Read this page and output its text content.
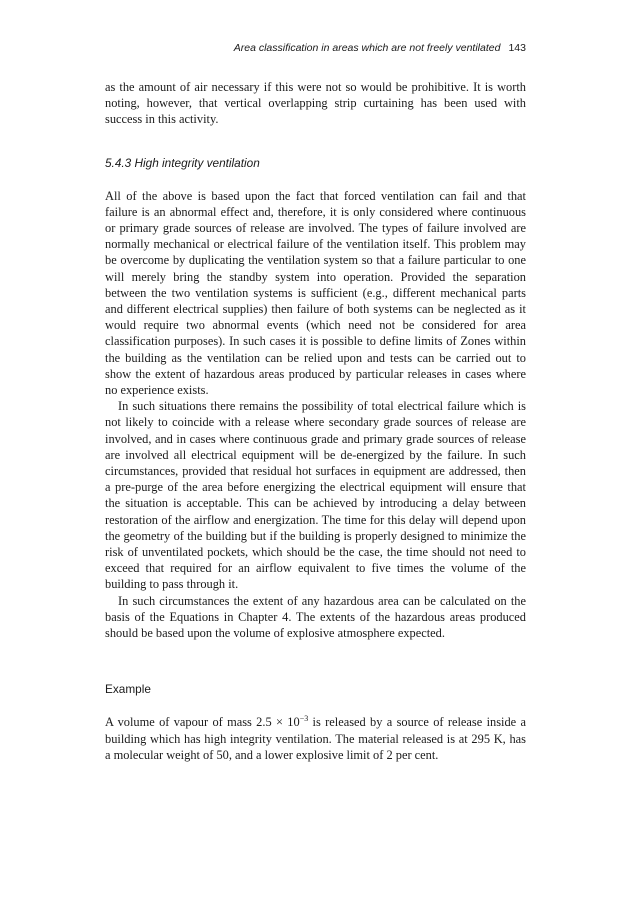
Area classification in areas which are not freely ventilated 143

as the amount of air necessary if this were not so would be prohibitive. It is worth noting, however, that vertical overlapping strip curtaining has been used with success in this activity.

5.4.3 High integrity ventilation

All of the above is based upon the fact that forced ventilation can fail and that failure is an abnormal effect and, therefore, it is only considered where continuous or primary grade sources of release are involved. The types of failure involved are normally mechanical or electrical failure of the ventilation itself. This problem may be overcome by duplicating the ventilation system so that a failure particular to one will merely bring the standby system into operation. Provided the separation between the two ventilation systems is sufficient (e.g., different mechanical parts and different electrical supplies) then failure of both systems can be neglected as it would require two abnormal events (which need not be considered for area classification purposes). In such cases it is possible to define limits of Zones within the building as the ventilation can be relied upon and tests can be carried out to show the extent of hazardous areas produced by particular releases in cases where no experience exists.

In such situations there remains the possibility of total electrical failure which is not likely to coincide with a release where secondary grade sources of release are involved, and in cases where continuous grade and primary grade sources of release are involved all electrical equipment will be de-energized by the failure. In such circumstances, provided that residual hot surfaces in equipment are addressed, then a pre-purge of the area before energizing the electrical equipment will ensure that the situation is acceptable. This can be achieved by introducing a delay between restoration of the airflow and energization. The time for this delay will depend upon the geometry of the building but if the building is properly designed to minimize the risk of unventilated pockets, which should be the case, the time should not need to exceed that required for an airflow equivalent to five times the volume of the building to pass through it.

In such circumstances the extent of any hazardous area can be calculated on the basis of the Equations in Chapter 4. The extents of the hazardous areas produced should be based upon the volume of explosive atmosphere expected.

Example

A volume of vapour of mass $2.5 \times 10^{-3}$ is released by a source of release inside a building which has high integrity ventilation. The material released is at 295 K, has a molecular weight of 50, and a lower explosive limit of 2 per cent.
